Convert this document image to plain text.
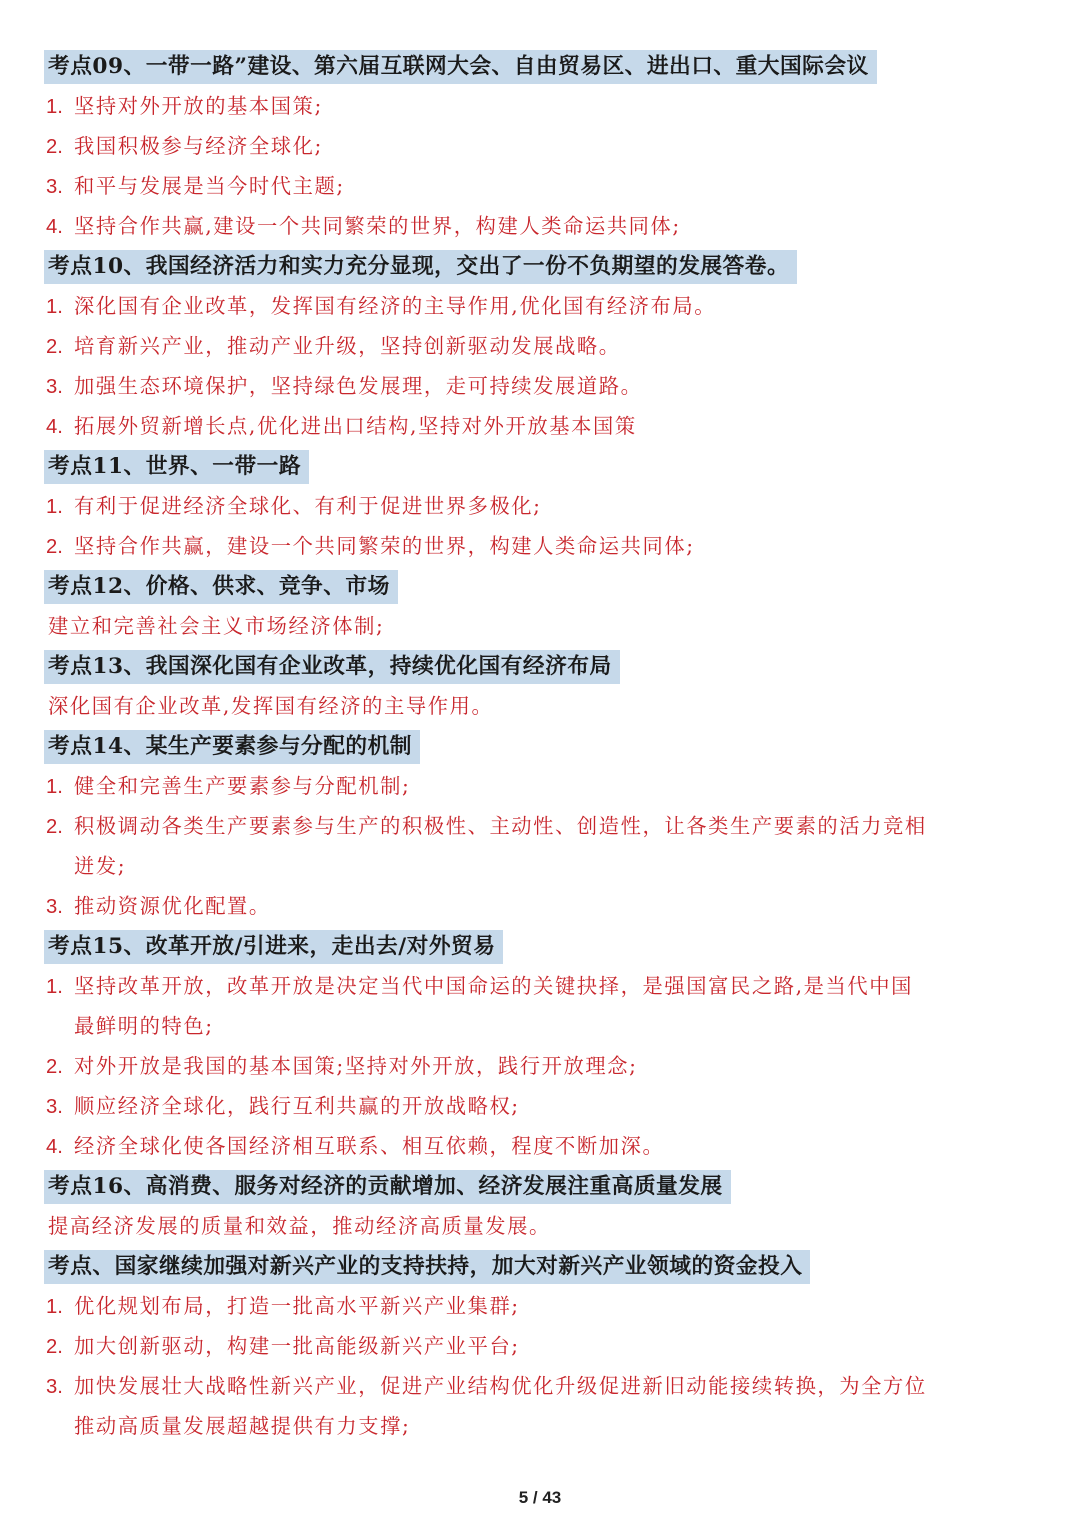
考点09、一带一路”建设、第六届互联网大会、自由贸易区、进出口、重大国际会议
1. 坚持对外开放的基本国策;
2. 我国积极参与经济全球化;
3. 和平与发展是当今时代主题;
4. 坚持合作共赢,建设一个共同繁荣的世界，构建人类命运共同体;
考点10、我国经济活力和实力充分显现，交出了一份不负期望的发展答卷。
1. 深化国有企业改革，发挥国有经济的主导作用,优化国有经济布局。
2. 培育新兴产业，推动产业升级，坚持创新驱动发展战略。
3. 加强生态环境保护，坚持绿色发展理，走可持续发展道路。
4. 拓展外贸新增长点,优化进出口结构,坚持对外开放基本国策
考点11、世界、一带一路
1. 有利于促进经济全球化、有利于促进世界多极化;
2. 坚持合作共赢，建设一个共同繁荣的世界，构建人类命运共同体;
考点12、价格、供求、竞争、市场
建立和完善社会主义市场经济体制;
考点13、我国深化国有企业改革，持续优化国有经济布局
深化国有企业改革,发挥国有经济的主导作用。
考点14、某生产要素参与分配的机制
1. 健全和完善生产要素参与分配机制;
2. 积极调动各类生产要素参与生产的积极性、主动性、创造性，让各类生产要素的活力竞相
迸发;
3. 推动资源优化配置。
考点15、改革开放/引进来，走出去/对外贸易
1. 坚持改革开放，改革开放是决定当代中国命运的关键抉择，是强国富民之路,是当代中国
最鲜明的特色;
2. 对外开放是我国的基本国策;坚持对外开放，践行开放理念;
3. 顺应经济全球化，践行互利共赢的开放战略权;
4. 经济全球化使各国经济相互联系、相互依赖，程度不断加深。
考点16、高消费、服务对经济的贡献增加、经济发展注重高质量发展
提高经济发展的质量和效益，推动经济高质量发展。
考点、国家继续加强对新兴产业的支持扶持，加大对新兴产业领域的资金投入
1. 优化规划布局，打造一批高水平新兴产业集群;
2. 加大创新驱动，构建一批高能级新兴产业平台;
3. 加快发展壮大战略性新兴产业，促进产业结构优化升级促进新旧动能接续转换，为全方位
推动高质量发展超越提供有力支撑;
5 / 43
